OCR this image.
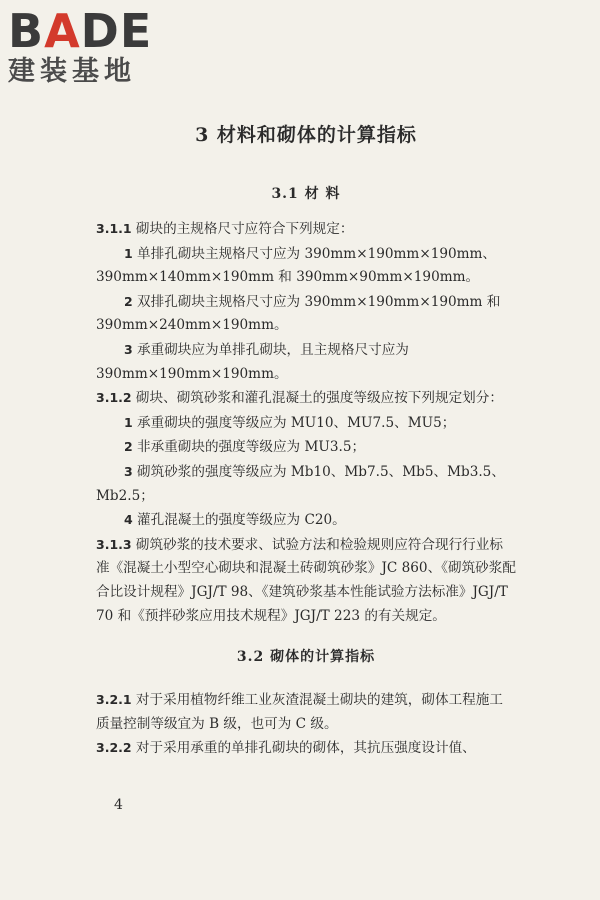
BADE
建装基地
3 材料和砌体的计算指标
3.1 材 料

3.1.1 砌块的主规格尺寸应符合下列规定：

1 单排孔砌块主规格尺寸应为 390mm×190mm×190mm、390mm×140mm×190mm 和 390mm×90mm×190mm。

2 双排孔砌块主规格尺寸应为 390mm×190mm×190mm 和 390mm×240mm×190mm。

3 承重砌块应为单排孔砌块，且主规格尺寸应为 390mm×190mm×190mm。

3.1.2 砌块、砌筑砂浆和灌孔混凝土的强度等级应按下列规定划分：

1 承重砌块的强度等级应为 MU10、MU7.5、MU5；

2 非承重砌块的强度等级应为 MU3.5；

3 砌筑砂浆的强度等级应为 Mb10、Mb7.5、Mb5、Mb3.5、Mb2.5；

4 灌孔混凝土的强度等级应为 C20。

3.1.3 砌筑砂浆的技术要求、试验方法和检验规则应符合现行行业标准《混凝土小型空心砌块和混凝土砖砌筑砂浆》JC 860、《砌筑砂浆配合比设计规程》JGJ/T 98、《建筑砂浆基本性能试验方法标准》JGJ/T 70 和《预拌砂浆应用技术规程》JGJ/T 223 的有关规定。

3.2 砌体的计算指标

3.2.1 对于采用植物纤维工业灰渣混凝土砌块的建筑，砌体工程施工质量控制等级宜为 B 级，也可为 C 级。

3.2.2 对于采用承重的单排孔砌块的砌体，其抗压强度设计值、

4
